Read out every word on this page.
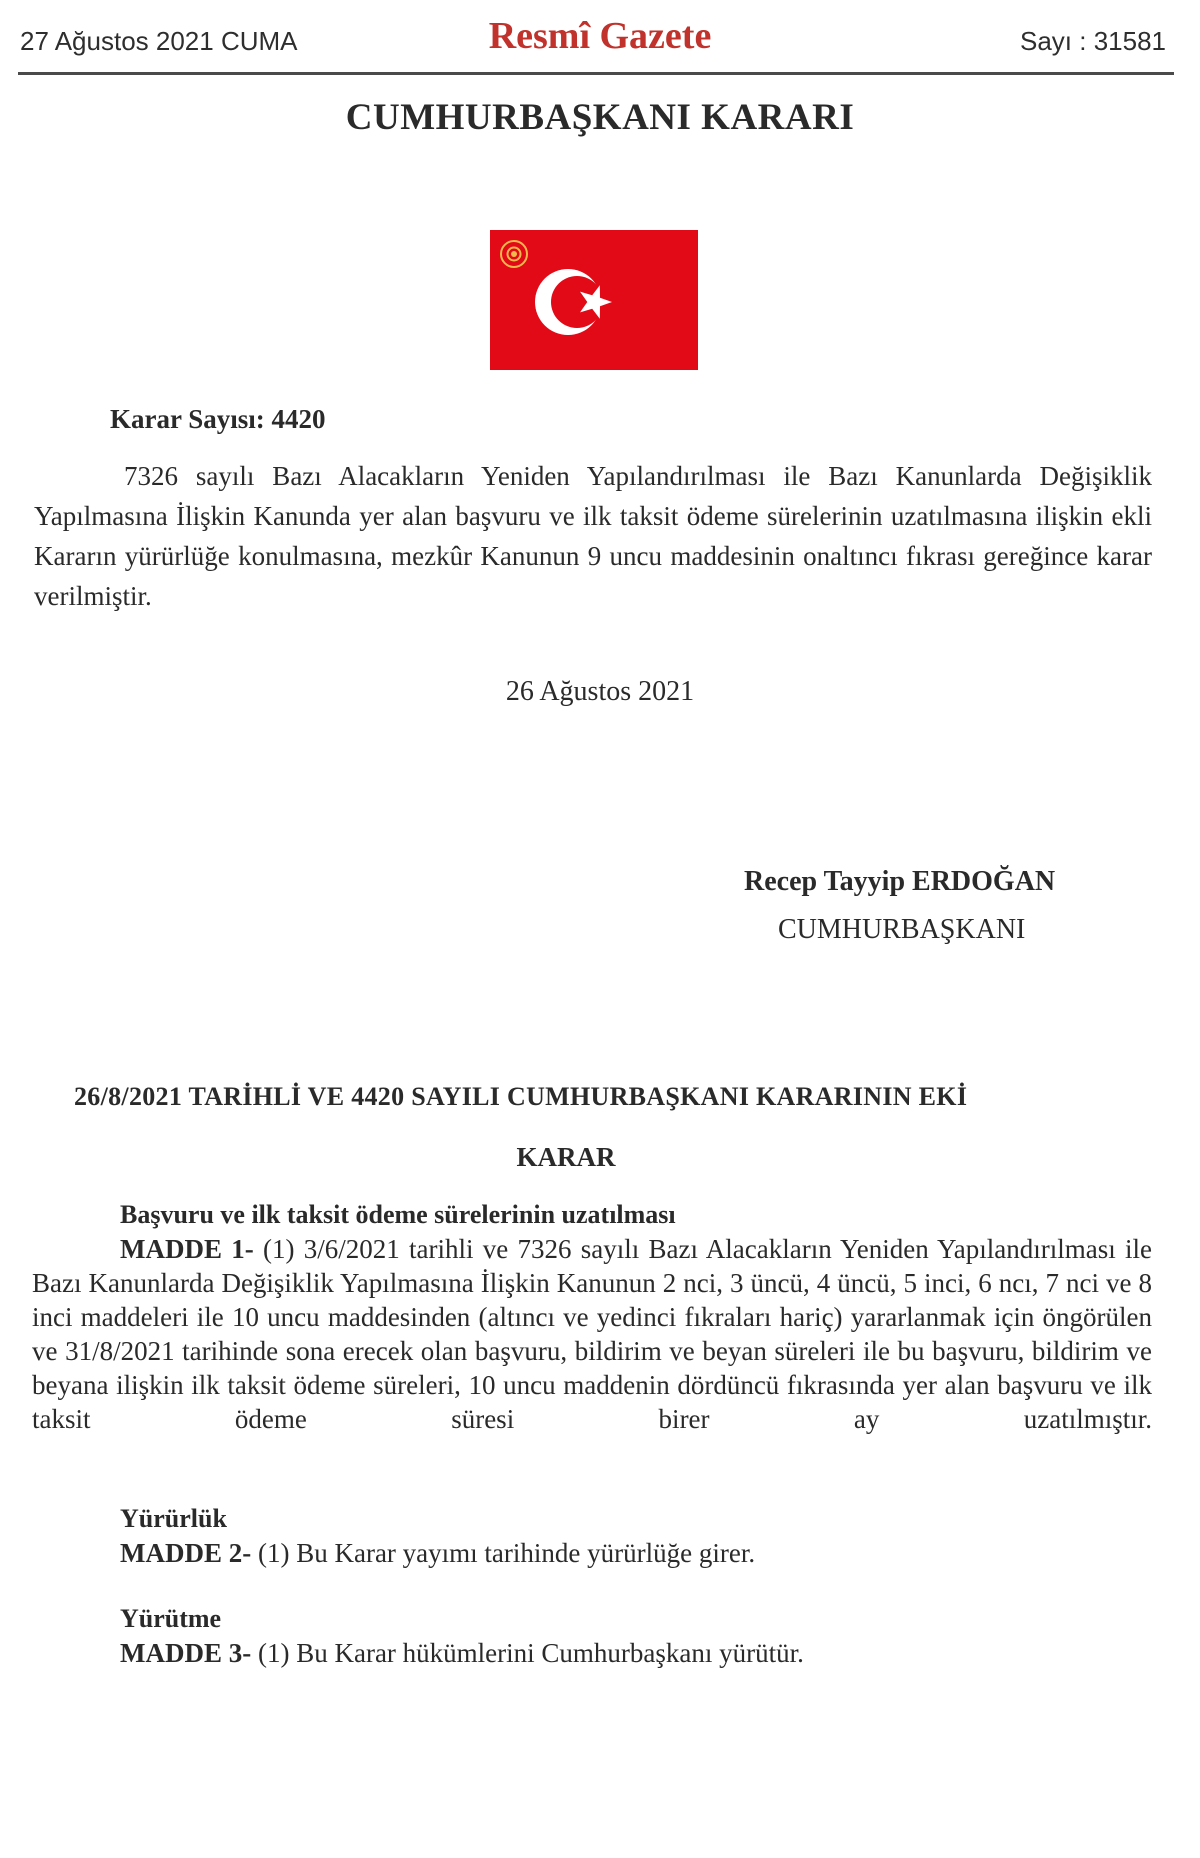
27 Ağustos 2021 CUMA	Resmî Gazete	Sayı : 31581
CUMHURBAŞKANI KARARI
Karar Sayısı: 4420
7326 sayılı Bazı Alacakların Yeniden Yapılandırılması ile Bazı Kanunlarda Değişiklik Yapılmasına İlişkin Kanunda yer alan başvuru ve ilk taksit ödeme sürelerinin uzatılmasına ilişkin ekli Kararın yürürlüğe konulmasına, mezkûr Kanunun 9 uncu maddesinin onaltıncı fıkrası gereğince karar verilmiştir.
26 Ağustos 2021
Recep Tayyip ERDOĞAN
CUMHURBAŞKANI
26/8/2021 TARİHLİ VE 4420 SAYILI CUMHURBAŞKANI KARARININ EKİ
KARAR
Başvuru ve ilk taksit ödeme sürelerinin uzatılması

MADDE 1- (1) 3/6/2021 tarihli ve 7326 sayılı Bazı Alacakların Yeniden Yapılandırılması ile Bazı Kanunlarda Değişiklik Yapılmasına İlişkin Kanunun 2 nci, 3 üncü, 4 üncü, 5 inci, 6 ncı, 7 nci ve 8 inci maddeleri ile 10 uncu maddesinden (altıncı ve yedinci fıkraları hariç) yararlanmak için öngörülen ve 31/8/2021 tarihinde sona erecek olan başvuru, bildirim ve beyan süreleri ile bu başvuru, bildirim ve beyana ilişkin ilk taksit ödeme süreleri, 10 uncu maddenin dördüncü fıkrasında yer alan başvuru ve ilk taksit ödeme süresi birer ay uzatılmıştır.

Yürürlük
MADDE 2- (1) Bu Karar yayımı tarihinde yürürlüğe girer.
Yürütme
MADDE 3- (1) Bu Karar hükümlerini Cumhurbaşkanı yürütür.
